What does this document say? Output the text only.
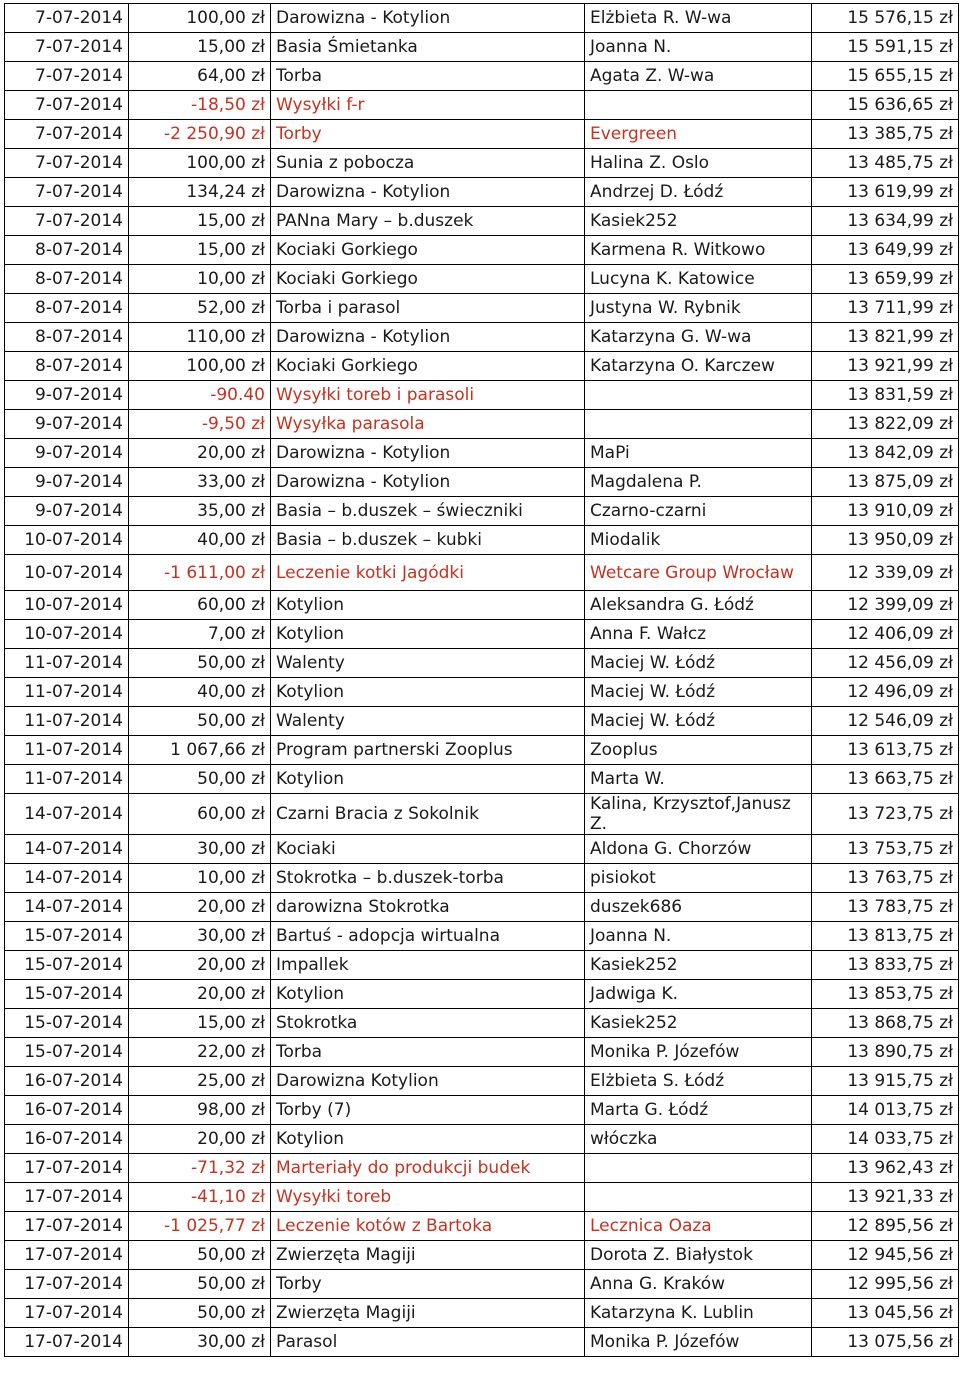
7-07-2014	100,00 zł	Darowizna - Kotylion	Elżbieta R. W-wa	15 576,15 zł
7-07-2014	15,00 zł	Basia Śmietanka	Joanna N.	15 591,15 zł
7-07-2014	64,00 zł	Torba	Agata Z. W-wa	15 655,15 zł
7-07-2014	-18,50 zł	Wysyłki f-r		15 636,65 zł
7-07-2014	-2 250,90 zł	Torby	Evergreen	13 385,75 zł
7-07-2014	100,00 zł	Sunia z pobocza	Halina Z. Oslo	13 485,75 zł
7-07-2014	134,24 zł	Darowizna - Kotylion	Andrzej D. Łódź	13 619,99 zł
7-07-2014	15,00 zł	PANna Mary – b.duszek	Kasiek252	13 634,99 zł
8-07-2014	15,00 zł	Kociaki Gorkiego	Karmena R. Witkowo	13 649,99 zł
8-07-2014	10,00 zł	Kociaki Gorkiego	Lucyna K. Katowice	13 659,99 zł
8-07-2014	52,00 zł	Torba i parasol	Justyna W. Rybnik	13 711,99 zł
8-07-2014	110,00 zł	Darowizna - Kotylion	Katarzyna G. W-wa	13 821,99 zł
8-07-2014	100,00 zł	Kociaki Gorkiego	Katarzyna O. Karczew	13 921,99 zł
9-07-2014	-90.40	Wysyłki toreb i parasoli		13 831,59 zł
9-07-2014	-9,50 zł	Wysyłka parasola		13 822,09 zł
9-07-2014	20,00 zł	Darowizna - Kotylion	MaPi	13 842,09 zł
9-07-2014	33,00 zł	Darowizna - Kotylion	Magdalena P.	13 875,09 zł
9-07-2014	35,00 zł	Basia – b.duszek – świeczniki	Czarno-czarni	13 910,09 zł
10-07-2014	40,00 zł	Basia – b.duszek – kubki	Miodalik	13 950,09 zł
10-07-2014	-1 611,00 zł	Leczenie kotki Jagódki	Wetcare Group Wrocław	12 339,09 zł
10-07-2014	60,00 zł	Kotylion	Aleksandra G. Łódź	12 399,09 zł
10-07-2014	7,00 zł	Kotylion	Anna F. Wałcz	12 406,09 zł
11-07-2014	50,00 zł	Walenty	Maciej W. Łódź	12 456,09 zł
11-07-2014	40,00 zł	Kotylion	Maciej W. Łódź	12 496,09 zł
11-07-2014	50,00 zł	Walenty	Maciej W. Łódź	12 546,09 zł
11-07-2014	1 067,66 zł	Program partnerski Zooplus	Zooplus	13 613,75 zł
11-07-2014	50,00 zł	Kotylion	Marta W.	13 663,75 zł
14-07-2014	60,00 zł	Czarni Bracia z Sokolnik	Kalina, Krzysztof,Janusz Z.	13 723,75 zł
14-07-2014	30,00 zł	Kociaki	Aldona G. Chorzów	13 753,75 zł
14-07-2014	10,00 zł	Stokrotka – b.duszek-torba	pisiokot	13 763,75 zł
14-07-2014	20,00 zł	darowizna Stokrotka	duszek686	13 783,75 zł
15-07-2014	30,00 zł	Bartuś - adopcja wirtualna	Joanna N.	13 813,75 zł
15-07-2014	20,00 zł	Impallek	Kasiek252	13 833,75 zł
15-07-2014	20,00 zł	Kotylion	Jadwiga K.	13 853,75 zł
15-07-2014	15,00 zł	Stokrotka	Kasiek252	13 868,75 zł
15-07-2014	22,00 zł	Torba	Monika P. Józefów	13 890,75 zł
16-07-2014	25,00 zł	Darowizna Kotylion	Elżbieta S. Łódź	13 915,75 zł
16-07-2014	98,00 zł	Torby (7)	Marta G. Łódź	14 013,75 zł
16-07-2014	20,00 zł	Kotylion	włóczka	14 033,75 zł
17-07-2014	-71,32 zł	Marteriały do produkcji budek		13 962,43 zł
17-07-2014	-41,10 zł	Wysyłki toreb		13 921,33 zł
17-07-2014	-1 025,77 zł	Leczenie kotów z Bartoka	Lecznica Oaza	12 895,56 zł
17-07-2014	50,00 zł	Zwierzęta Magiji	Dorota Z. Białystok	12 945,56 zł
17-07-2014	50,00 zł	Torby	Anna G. Kraków	12 995,56 zł
17-07-2014	50,00 zł	Zwierzęta Magiji	Katarzyna K. Lublin	13 045,56 zł
17-07-2014	30,00 zł	Parasol	Monika P. Józefów	13 075,56 zł
